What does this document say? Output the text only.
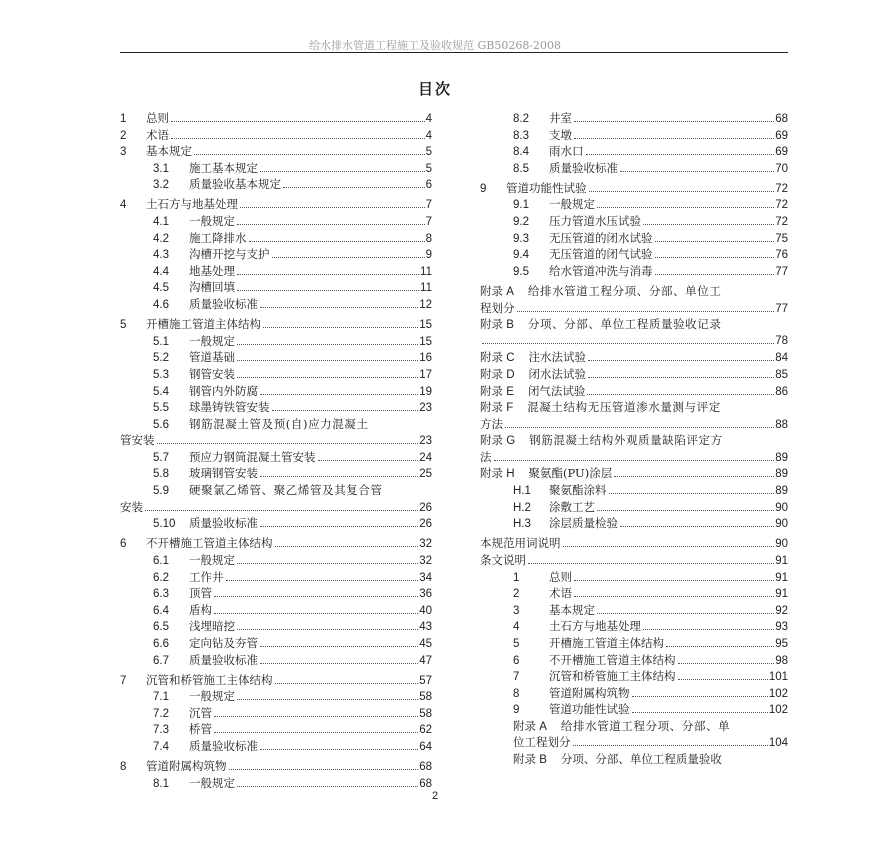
给水排水管道工程施工及验收规范 GB50268-2008
目次
1	总则	4
2	术语	4
3	基本规定	5
3.1	施工基本规定	5
3.2	质量验收基本规定	6
4	土石方与地基处理	7
4.1	一般规定	7
4.2	施工降排水	8
4.3	沟槽开挖与支护	9
4.4	地基处理	11
4.5	沟槽回填	11
4.6	质量验收标准	12
5	开槽施工管道主体结构	15
5.1	一般规定	15
5.2	管道基础	16
5.3	钢管安装	17
5.4	钢管内外防腐	19
5.5	球墨铸铁管安装	23
5.6	钢筋混凝土管及预(自)应力混凝土
管安装	23
5.7	预应力钢筒混凝土管安装	24
5.8	玻璃钢管安装	25
5.9	硬聚氯乙烯管、聚乙烯管及其复合管
安装	26
5.10	质量验收标准	26
6	不开槽施工管道主体结构	32
6.1	一般规定	32
6.2	工作井	34
6.3	顶管	36
6.4	盾构	40
6.5	浅埋暗挖	43
6.6	定向钻及夯管	45
6.7	质量验收标准	47
7	沉管和桥管施工主体结构	57
7.1	一般规定	58
7.2	沉管	58
7.3	桥管	62
7.4	质量验收标准	64
8	管道附属构筑物	68
8.1	一般规定	68
8.2	井室	68
8.3	支墩	69
8.4	雨水口	69
8.5	质量验收标准	70
9	管道功能性试验	72
9.1	一般规定	72
9.2	压力管道水压试验	72
9.3	无压管道的闭水试验	75
9.4	无压管道的闭气试验	76
9.5	给水管道冲洗与消毒	77
附录 A 给排水管道工程分项、分部、单位工
程划分	77
附录 B 分项、分部、单位工程质量验收记录
78
附录 C 注水法试验	84
附录 D 闭水法试验	85
附录 E 闭气法试验	86
附录 F 混凝土结构无压管道渗水量测与评定
方法	88
附录 G 钢筋混凝土结构外观质量缺陷评定方
法	89
附录 H 聚氨酯(PU)涂层	89
H.1	聚氨酯涂料	89
H.2	涂敷工艺	90
H.3	涂层质量检验	90
本规范用词说明	90
条文说明	91
1	总则	91
2	术语	91
3	基本规定	92
4	土石方与地基处理	93
5	开槽施工管道主体结构	95
6	不开槽施工管道主体结构	98
7	沉管和桥管施工主体结构	101
8	管道附属构筑物	102
9	管道功能性试验	102
附录 A 给排水管道工程分项、分部、单
位工程划分	104
附录 B 分项、分部、单位工程质量验收
2
